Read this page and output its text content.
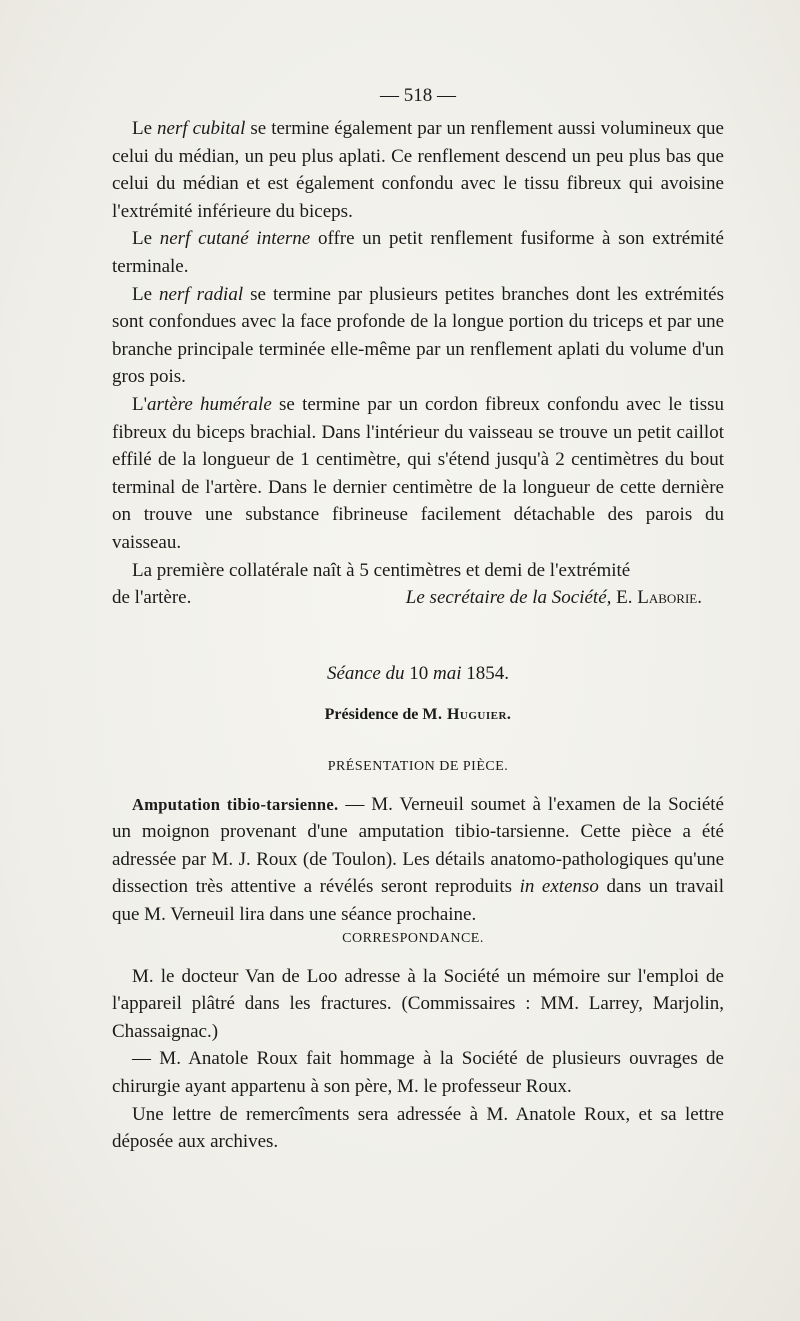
— 518 —

Le nerf cubital se termine également par un renflement aussi volumineux que celui du médian, un peu plus aplati. Ce renflement descend un peu plus bas que celui du médian et est également confondu avec le tissu fibreux qui avoisine l'extrémité inférieure du biceps.

Le nerf cutané interne offre un petit renflement fusiforme à son extrémité terminale.

Le nerf radial se termine par plusieurs petites branches dont les extrémités sont confondues avec la face profonde de la longue portion du triceps et par une branche principale terminée elle-même par un renflement aplati du volume d'un gros pois.

L'artère humérale se termine par un cordon fibreux confondu avec le tissu fibreux du biceps brachial. Dans l'intérieur du vaisseau se trouve un petit caillot effilé de la longueur de 1 centimètre, qui s'étend jusqu'à 2 centimètres du bout terminal de l'artère. Dans le dernier centimètre de la longueur de cette dernière on trouve une substance fibrineuse facilement détachable des parois du vaisseau.

La première collatérale naît à 5 centimètres et demi de l'extrémité

de l'artère.	Le secrétaire de la Société, E. Laborie.
Séance du 10 mai 1854.
Présidence de M. Huguier.
PRÉSENTATION DE PIÈCE.

Amputation tibio-tarsienne. — M. Verneuil soumet à l'examen de la Société un moignon provenant d'une amputation tibio-tarsienne. Cette pièce a été adressée par M. J. Roux (de Toulon). Les détails anatomo-pathologiques qu'une dissection très attentive a révélés seront reproduits in extenso dans un travail que M. Verneuil lira dans une séance prochaine.

CORRESPONDANCE.

M. le docteur Van de Loo adresse à la Société un mémoire sur l'emploi de l'appareil plâtré dans les fractures. (Commissaires : MM. Larrey, Marjolin, Chassaignac.)

— M. Anatole Roux fait hommage à la Société de plusieurs ouvrages de chirurgie ayant appartenu à son père, M. le professeur Roux.

Une lettre de remercîments sera adressée à M. Anatole Roux, et sa lettre déposée aux archives.
